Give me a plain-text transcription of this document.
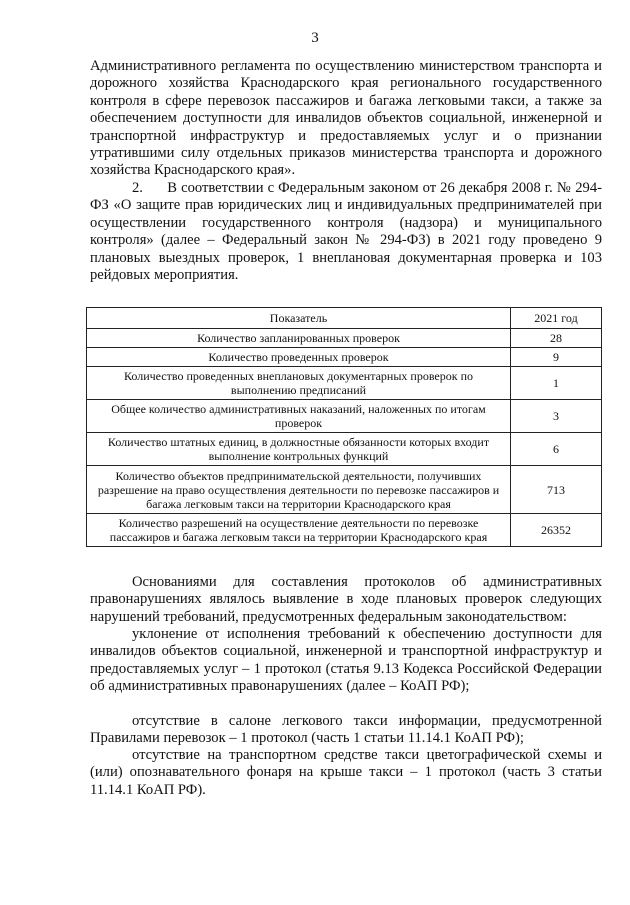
3

Административного регламента по осуществлению министерством транспорта и дорожного хозяйства Краснодарского края регионального государственного контроля в сфере перевозок пассажиров и багажа легковыми такси, а также за обеспечением доступности для инвалидов объектов социальной, инженерной и транспортной инфраструктур и предоставляемых услуг и о признании утратившими силу отдельных приказов министерства транспорта и дорожного хозяйства Краснодарского края».

2.      В соответствии с Федеральным законом от 26 декабря 2008 г. № 294-ФЗ «О защите прав юридических лиц и индивидуальных предпринимателей при осуществлении государственного контроля (надзора) и муниципального контроля» (далее – Федеральный закон № 294-ФЗ) в 2021 году проведено 9 плановых выездных проверок, 1 внеплановая документарная проверка и 103 рейдовых мероприятия.

Показатель	2021 год
Количество запланированных проверок	28
Количество проведенных проверок	9
Количество проведенных внеплановых документарных проверок по выполнению предписаний	1
Общее количество административных наказаний, наложенных по итогам проверок	3
Количество штатных единиц, в должностные обязанности которых входит выполнение контрольных функций	6
Количество объектов предпринимательской деятельности, получивших разрешение на право осуществления деятельности по перевозке пассажиров и багажа легковым такси на территории Краснодарского края	713
Количество разрешений на осуществление деятельности по перевозке пассажиров и багажа легковым такси на территории Краснодарского края	26352

Основаниями для составления протоколов об административных правонарушениях являлось выявление в ходе плановых проверок следующих нарушений требований, предусмотренных федеральным законодательством:

уклонение от исполнения требований к обеспечению доступности для инвалидов объектов социальной, инженерной и транспортной инфраструктур и предоставляемых услуг – 1 протокол (статья 9.13 Кодекса Российской Федерации об административных правонарушениях (далее – КоАП РФ);

отсутствие в салоне легкового такси информации, предусмотренной Правилами перевозок – 1 протокол (часть 1 статьи 11.14.1 КоАП РФ);

отсутствие на транспортном средстве такси цветографической схемы и (или) опознавательного фонаря на крыше такси – 1 протокол (часть 3 статьи 11.14.1 КоАП РФ).
